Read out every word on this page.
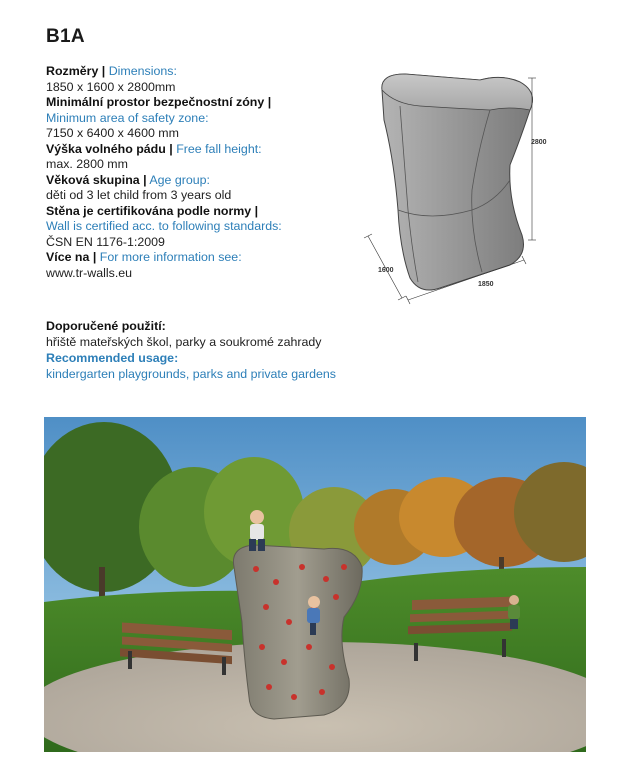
B1A
Rozměry | Dimensions:
1850 x 1600 x 2800mm
Minimální prostor bezpečnostní zóny |
Minimum area of safety zone:
7150 x 6400 x 4600 mm
Výška volného pádu | Free fall height:
max. 2800 mm
Věková skupina | Age group:
děti od 3 let child from 3 years old
Stěna je certifikována podle normy |
Wall is certified acc. to following standards:
ČSN EN 1176-1:2009
Více na | For more information see:
www.tr-walls.eu
Doporučené použití:
hřiště mateřských škol, parky a soukromé zahrady
Recommended usage:
kindergarten playgrounds, parks and private gardens
2800
1600
1850
